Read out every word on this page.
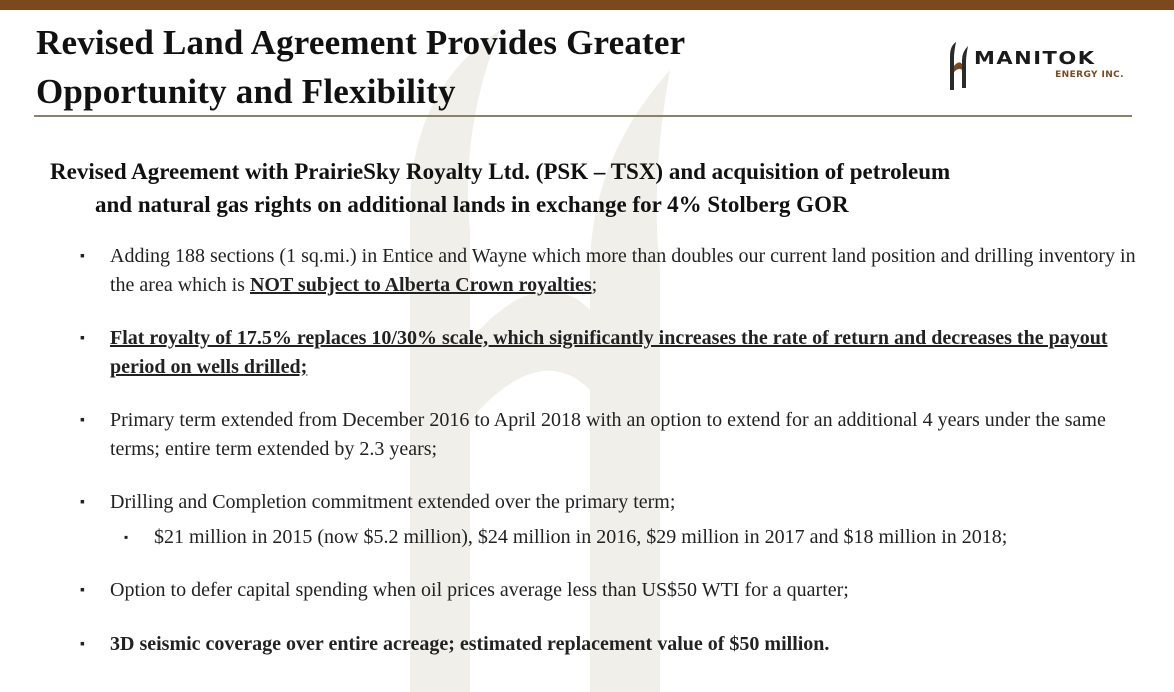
Revised Land Agreement Provides Greater
Opportunity and Flexibility
MANITOK
ENERGY INC.
Revised Agreement with PrairieSky Royalty Ltd. (PSK – TSX) and acquisition of petroleum
and natural gas rights on additional lands in exchange for 4% Stolberg GOR
▪	Adding 188 sections (1 sq.mi.) in Entice and Wayne which more than doubles our current land position and drilling inventory in the area which is NOT subject to Alberta Crown royalties;
▪	Flat royalty of 17.5% replaces 10/30% scale, which significantly increases the rate of return and decreases the payout period on wells drilled;
▪	Primary term extended from December 2016 to April 2018 with an option to extend for an additional 4 years under the same terms; entire term extended by 2.3 years;
▪	Drilling and Completion commitment extended over the primary term;
▪	$21 million in 2015 (now $5.2 million), $24 million in 2016, $29 million in 2017 and $18 million in 2018;
▪	Option to defer capital spending when oil prices average less than US$50 WTI for a quarter;
▪	3D seismic coverage over entire acreage; estimated replacement value of $50 million.
